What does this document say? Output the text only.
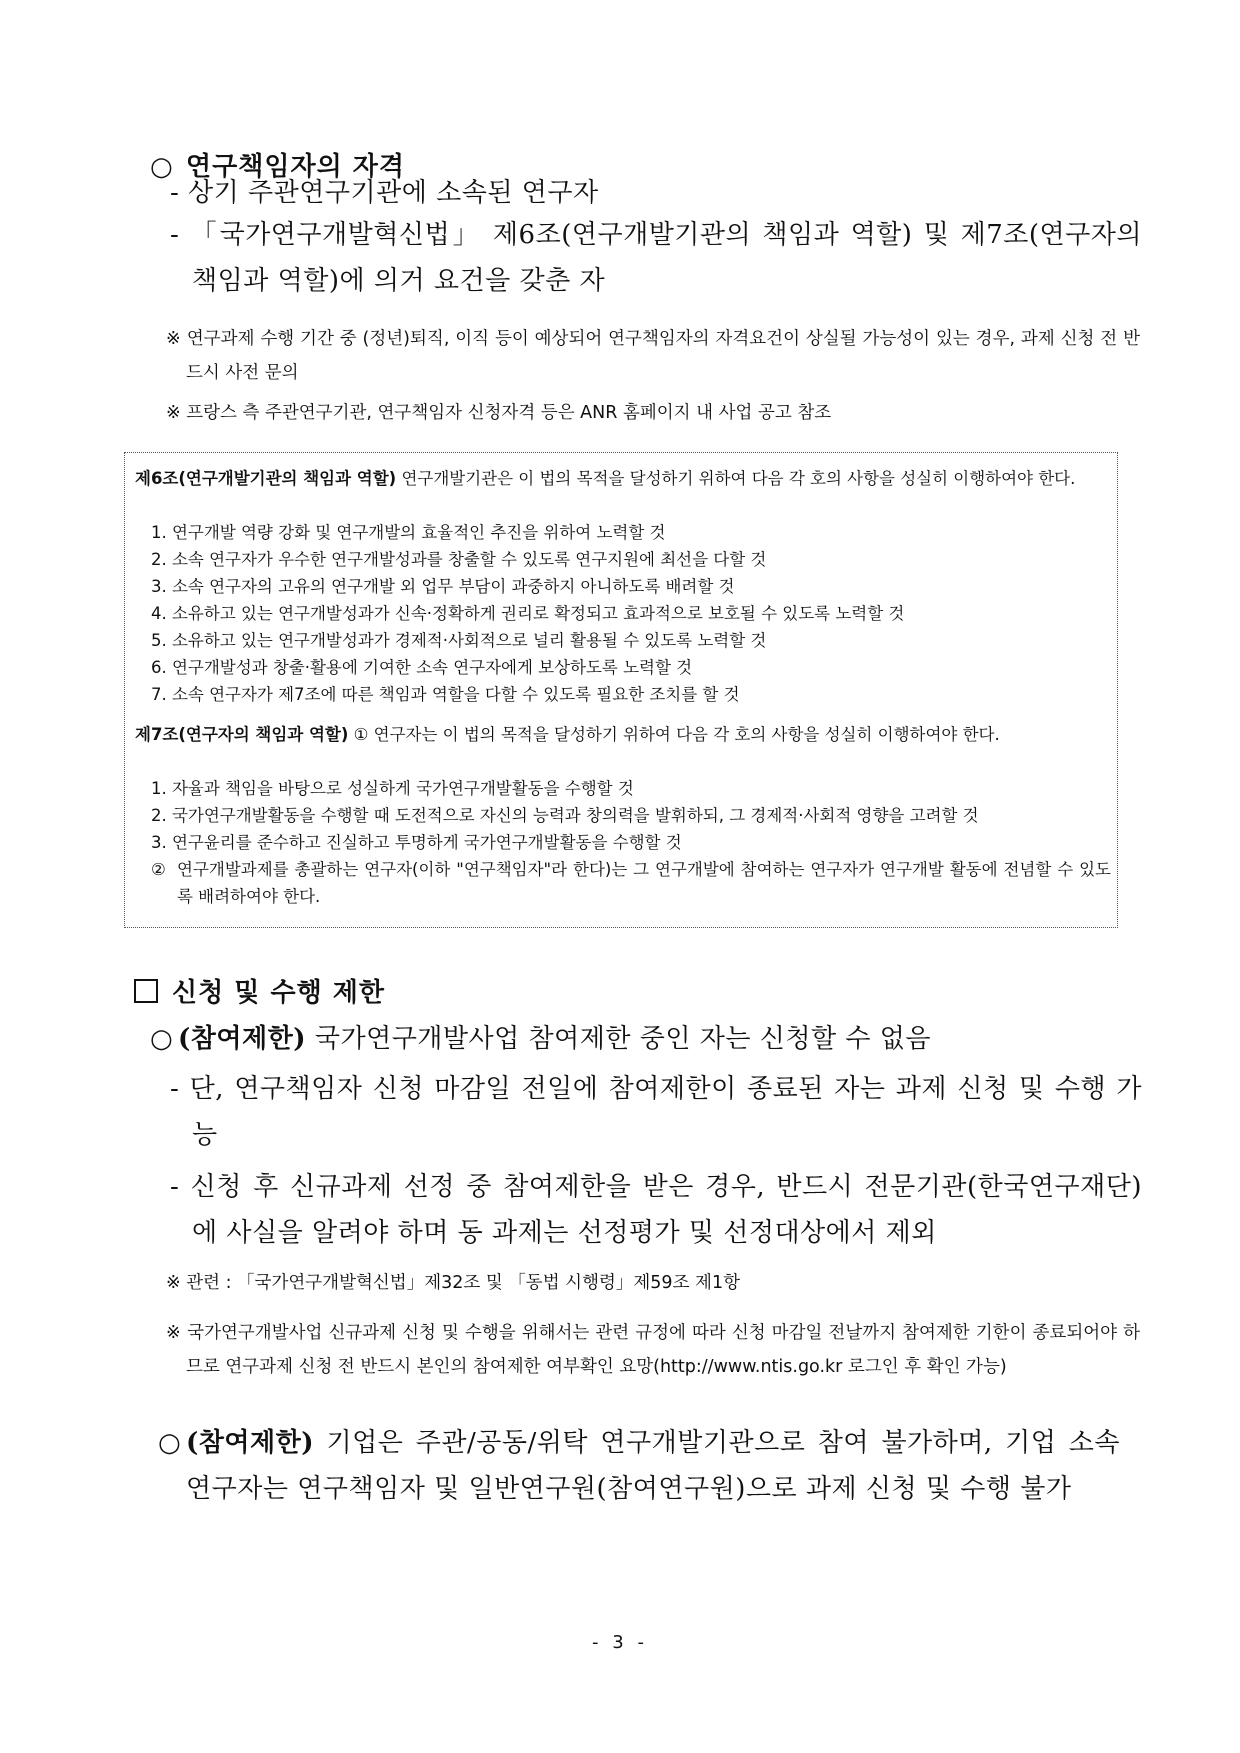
○ 연구책임자의 자격
- 상기 주관연구기관에 소속된 연구자
- 「국가연구개발혁신법」 제6조(연구개발기관의 책임과 역할) 및 제7조(연구자의 책임과 역할)에 의거 요건을 갖춘 자
※ 연구과제 수행 기간 중 (정년)퇴직, 이직 등이 예상되어 연구책임자의 자격요건이 상실될 가능성이 있는 경우, 과제 신청 전 반드시 사전 문의
※ 프랑스 측 주관연구기관, 연구책임자 신청자격 등은 ANR 홈페이지 내 사업 공고 참조
제6조(연구개발기관의 책임과 역할) 연구개발기관은 이 법의 목적을 달성하기 위하여 다음 각 호의 사항을 성실히 이행하여야 한다.
1. 연구개발 역량 강화 및 연구개발의 효율적인 추진을 위하여 노력할 것
2. 소속 연구자가 우수한 연구개발성과를 창출할 수 있도록 연구지원에 최선을 다할 것
3. 소속 연구자의 고유의 연구개발 외 업무 부담이 과중하지 아니하도록 배려할 것
4. 소유하고 있는 연구개발성과가 신속·정확하게 권리로 확정되고 효과적으로 보호될 수 있도록 노력할 것
5. 소유하고 있는 연구개발성과가 경제적·사회적으로 널리 활용될 수 있도록 노력할 것
6. 연구개발성과 창출·활용에 기여한 소속 연구자에게 보상하도록 노력할 것
7. 소속 연구자가 제7조에 따른 책임과 역할을 다할 수 있도록 필요한 조치를 할 것
제7조(연구자의 책임과 역할) ① 연구자는 이 법의 목적을 달성하기 위하여 다음 각 호의 사항을 성실히 이행하여야 한다.
1. 자율과 책임을 바탕으로 성실하게 국가연구개발활동을 수행할 것
2. 국가연구개발활동을 수행할 때 도전적으로 자신의 능력과 창의력을 발휘하되, 그 경제적·사회적 영향을 고려할 것
3. 연구윤리를 준수하고 진실하고 투명하게 국가연구개발활동을 수행할 것
② 연구개발과제를 총괄하는 연구자(이하 "연구책임자"라 한다)는 그 연구개발에 참여하는 연구자가 연구개발 활동에 전념할 수 있도록 배려하여야 한다.
신청 및 수행 제한
○ (참여제한) 국가연구개발사업 참여제한 중인 자는 신청할 수 없음
- 단, 연구책임자 신청 마감일 전일에 참여제한이 종료된 자는 과제 신청 및 수행 가능
- 신청 후 신규과제 선정 중 참여제한을 받은 경우, 반드시 전문기관(한국연구재단)에 사실을 알려야 하며 동 과제는 선정평가 및 선정대상에서 제외
※ 관련 : 「국가연구개발혁신법」제32조 및 「동법 시행령」제59조 제1항
※ 국가연구개발사업 신규과제 신청 및 수행을 위해서는 관련 규정에 따라 신청 마감일 전날까지 참여제한 기한이 종료되어야 하므로 연구과제 신청 전 반드시 본인의 참여제한 여부확인 요망(http://www.ntis.go.kr 로그인 후 확인 가능)
○ (참여제한) 기업은 주관/공동/위탁 연구개발기관으로 참여 불가하며, 기업 소속 연구자는 연구책임자 및 일반연구원(참여연구원)으로 과제 신청 및 수행 불가
- 3 -
